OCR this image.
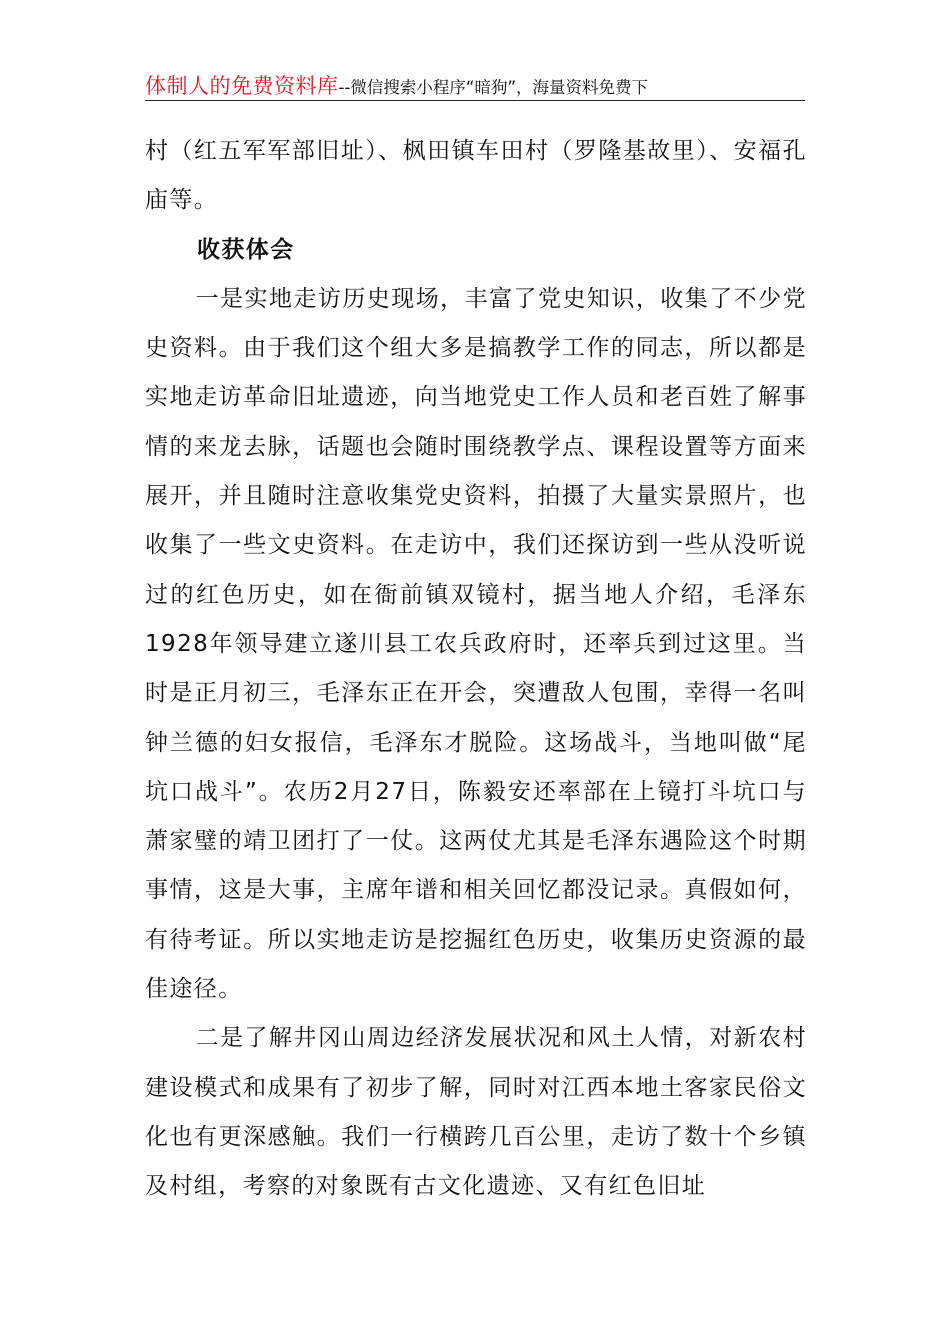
体制人的免费资料库--微信搜索小程序“暗狗”，海量资料免费下

村（红五军军部旧址）、枫田镇车田村（罗隆基故里）、安福孔庙等。

收获体会

一是实地走访历史现场，丰富了党史知识，收集了不少党史资料。由于我们这个组大多是搞教学工作的同志，所以都是实地走访革命旧址遗迹，向当地党史工作人员和老百姓了解事情的来龙去脉，话题也会随时围绕教学点、课程设置等方面来展开，并且随时注意收集党史资料，拍摄了大量实景照片，也收集了一些文史资料。在走访中，我们还探访到一些从没听说过的红色历史，如在衙前镇双镜村，据当地人介绍，毛泽东1928年领导建立遂川县工农兵政府时，还率兵到过这里。当时是正月初三，毛泽东正在开会，突遭敌人包围，幸得一名叫钟兰德的妇女报信，毛泽东才脱险。这场战斗，当地叫做“尾坑口战斗”。农历2月27日，陈毅安还率部在上镜打斗坑口与萧家璧的靖卫团打了一仗。这两仗尤其是毛泽东遇险这个时期事情，这是大事，主席年谱和相关回忆都没记录。真假如何，有待考证。所以实地走访是挖掘红色历史，收集历史资源的最佳途径。

二是了解井冈山周边经济发展状况和风土人情，对新农村建设模式和成果有了初步了解，同时对江西本地土客家民俗文化也有更深感触。我们一行横跨几百公里，走访了数十个乡镇及村组，考察的对象既有古文化遗迹、又有红色旧址
